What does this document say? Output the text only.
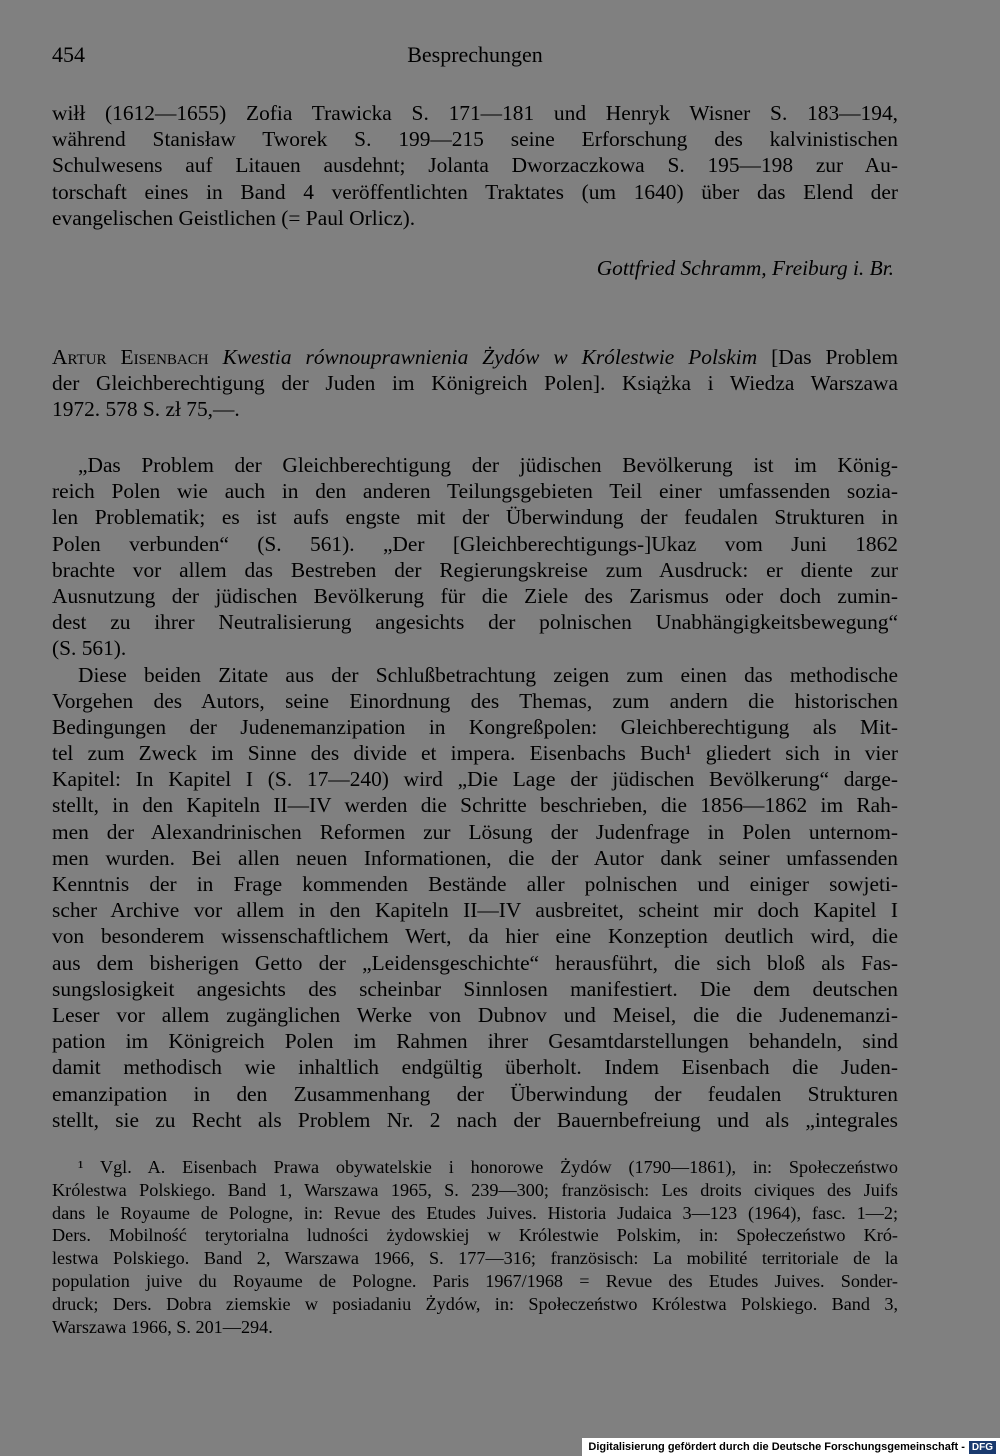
454	Besprechungen
wiłł (1612—1655) Zofia Trawicka S. 171—181 und Henryk Wisner S. 183—194,
während Stanisław Tworek S. 199—215 seine Erforschung des kalvinistischen
Schulwesens auf Litauen ausdehnt; Jolanta Dworzaczkowa S. 195—198 zur Au-
torschaft eines in Band 4 veröffentlichten Traktates (um 1640) über das Elend der
evangelischen Geistlichen (= Paul Orlicz).
Gottfried Schramm, Freiburg i. Br.
Artur Eisenbach Kwestia równouprawnienia Żydów w Królestwie Polskim [Das Problem
der Gleichberechtigung der Juden im Königreich Polen]. Książka i Wiedza Warszawa
1972. 578 S. zł 75,—.
„Das Problem der Gleichberechtigung der jüdischen Bevölkerung ist im König-
reich Polen wie auch in den anderen Teilungsgebieten Teil einer umfassenden sozia-
len Problematik; es ist aufs engste mit der Überwindung der feudalen Strukturen in
Polen verbunden“ (S. 561). „Der [Gleichberechtigungs-]Ukaz vom Juni 1862
brachte vor allem das Bestreben der Regierungskreise zum Ausdruck: er diente zur
Ausnutzung der jüdischen Bevölkerung für die Ziele des Zarismus oder doch zumin-
dest zu ihrer Neutralisierung angesichts der polnischen Unabhängigkeitsbewegung“
(S. 561).
Diese beiden Zitate aus der Schlußbetrachtung zeigen zum einen das methodische
Vorgehen des Autors, seine Einordnung des Themas, zum andern die historischen
Bedingungen der Judenemanzipation in Kongreßpolen: Gleichberechtigung als Mit-
tel zum Zweck im Sinne des divide et impera. Eisenbachs Buch¹ gliedert sich in vier
Kapitel: In Kapitel I (S. 17—240) wird „Die Lage der jüdischen Bevölkerung“ darge-
stellt, in den Kapiteln II—IV werden die Schritte beschrieben, die 1856—1862 im Rah-
men der Alexandrinischen Reformen zur Lösung der Judenfrage in Polen unternom-
men wurden. Bei allen neuen Informationen, die der Autor dank seiner umfassenden
Kenntnis der in Frage kommenden Bestände aller polnischen und einiger sowjeti-
scher Archive vor allem in den Kapiteln II—IV ausbreitet, scheint mir doch Kapitel I
von besonderem wissenschaftlichem Wert, da hier eine Konzeption deutlich wird, die
aus dem bisherigen Getto der „Leidensgeschichte“ herausführt, die sich bloß als Fas-
sungslosigkeit angesichts des scheinbar Sinnlosen manifestiert. Die dem deutschen
Leser vor allem zugänglichen Werke von Dubnov und Meisel, die die Judenemanzi-
pation im Königreich Polen im Rahmen ihrer Gesamtdarstellungen behandeln, sind
damit methodisch wie inhaltlich endgültig überholt. Indem Eisenbach die Juden-
emanzipation in den Zusammenhang der Überwindung der feudalen Strukturen
stellt, sie zu Recht als Problem Nr. 2 nach der Bauernbefreiung und als „integrales
¹ Vgl. A. Eisenbach Prawa obywatelskie i honorowe Żydów (1790—1861), in: Społeczeństwo
Królestwa Polskiego. Band 1, Warszawa 1965, S. 239—300; französisch: Les droits civiques des Juifs
dans le Royaume de Pologne, in: Revue des Etudes Juives. Historia Judaica 3—123 (1964), fasc. 1—2;
Ders. Mobilność terytorialna ludności żydowskiej w Królestwie Polskim, in: Społeczeństwo Kró-
lestwa Polskiego. Band 2, Warszawa 1966, S. 177—316; französisch: La mobilité territoriale de la
population juive du Royaume de Pologne. Paris 1967/1968 = Revue des Etudes Juives. Sonder-
druck; Ders. Dobra ziemskie w posiadaniu Żydów, in: Społeczeństwo Królestwa Polskiego. Band 3,
Warszawa 1966, S. 201—294.
Digitalisierung gefördert durch die Deutsche Forschungsgemeinschaft - DFG
